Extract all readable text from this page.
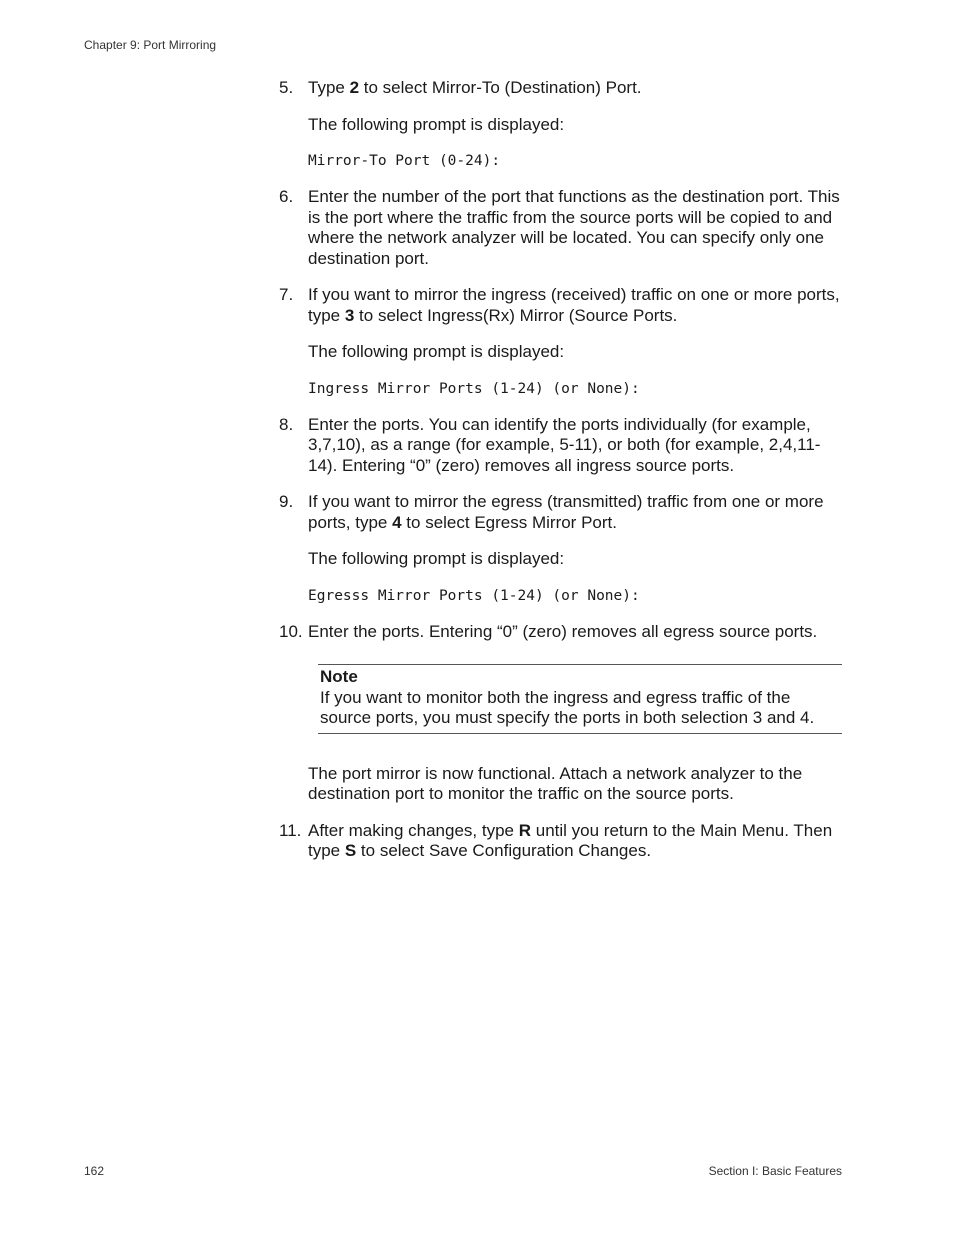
Chapter 9: Port Mirroring
5. Type 2 to select Mirror-To (Destination) Port.
The following prompt is displayed:
Mirror-To Port (0-24):
6. Enter the number of the port that functions as the destination port. This is the port where the traffic from the source ports will be copied to and where the network analyzer will be located. You can specify only one destination port.
7. If you want to mirror the ingress (received) traffic on one or more ports, type 3 to select Ingress(Rx) Mirror (Source Ports.
The following prompt is displayed:
Ingress Mirror Ports (1-24) (or None):
8. Enter the ports. You can identify the ports individually (for example, 3,7,10), as a range (for example, 5-11), or both (for example, 2,4,11-14). Entering “0” (zero) removes all ingress source ports.
9. If you want to mirror the egress (transmitted) traffic from one or more ports, type 4 to select Egress Mirror Port.
The following prompt is displayed:
Egresss Mirror Ports (1-24) (or None):
10. Enter the ports. Entering “0” (zero) removes all egress source ports.
Note
If you want to monitor both the ingress and egress traffic of the source ports, you must specify the ports in both selection 3 and 4.
The port mirror is now functional. Attach a network analyzer to the destination port to monitor the traffic on the source ports.
11. After making changes, type R until you return to the Main Menu. Then type S to select Save Configuration Changes.
162	Section I: Basic Features
